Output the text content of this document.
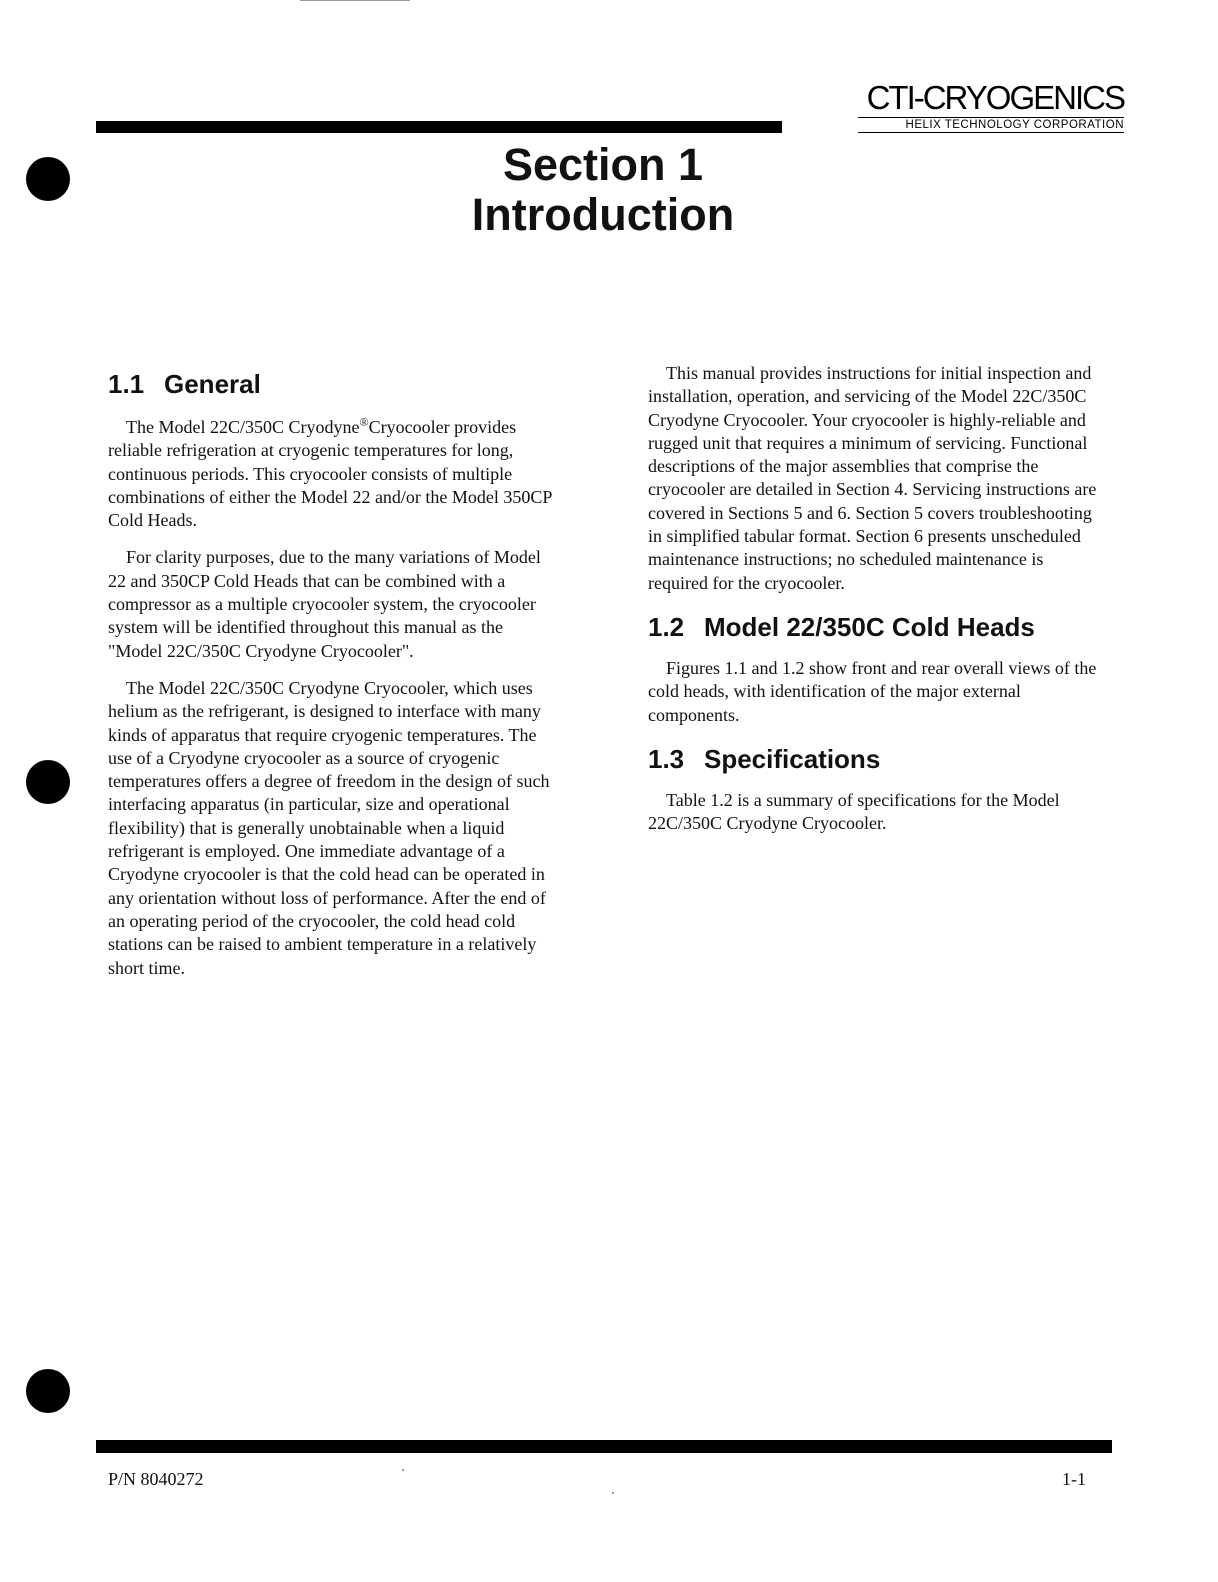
CTI-CRYOGENICS
HELIX TECHNOLOGY CORPORATION
Section 1
Introduction
1.1 General

The Model 22C/350C Cryodyne®Cryocooler provides reliable refrigeration at cryogenic temperatures for long, continuous periods. This cryocooler consists of multiple combinations of either the Model 22 and/or the Model 350CP Cold Heads.

For clarity purposes, due to the many variations of Model 22 and 350CP Cold Heads that can be combined with a compressor as a multiple cryocooler system, the cryocooler system will be identified throughout this manual as the "Model 22C/350C Cryodyne Cryocooler".

The Model 22C/350C Cryodyne Cryocooler, which uses helium as the refrigerant, is designed to interface with many kinds of apparatus that require cryogenic temperatures. The use of a Cryodyne cryocooler as a source of cryogenic temperatures offers a degree of freedom in the design of such interfacing apparatus (in particular, size and operational flexibility) that is generally unobtainable when a liquid refrigerant is employed. One immediate advantage of a Cryodyne cryocooler is that the cold head can be operated in any orientation without loss of performance. After the end of an operating period of the cryocooler, the cold head cold stations can be raised to ambient temperature in a relatively short time.

This manual provides instructions for initial inspection and installation, operation, and servicing of the Model 22C/350C Cryodyne Cryocooler. Your cryocooler is highly-reliable and rugged unit that requires a minimum of servicing. Functional descriptions of the major assemblies that comprise the cryocooler are detailed in Section 4. Servicing instructions are covered in Sections 5 and 6. Section 5 covers troubleshooting in simplified tabular format. Section 6 presents unscheduled maintenance instructions; no scheduled maintenance is required for the cryocooler.

1.2 Model 22/350C Cold Heads

Figures 1.1 and 1.2 show front and rear overall views of the cold heads, with identification of the major external components.

1.3 Specifications

Table 1.2 is a summary of specifications for the Model 22C/350C Cryodyne Cryocooler.

P/N 8040272	1-1
